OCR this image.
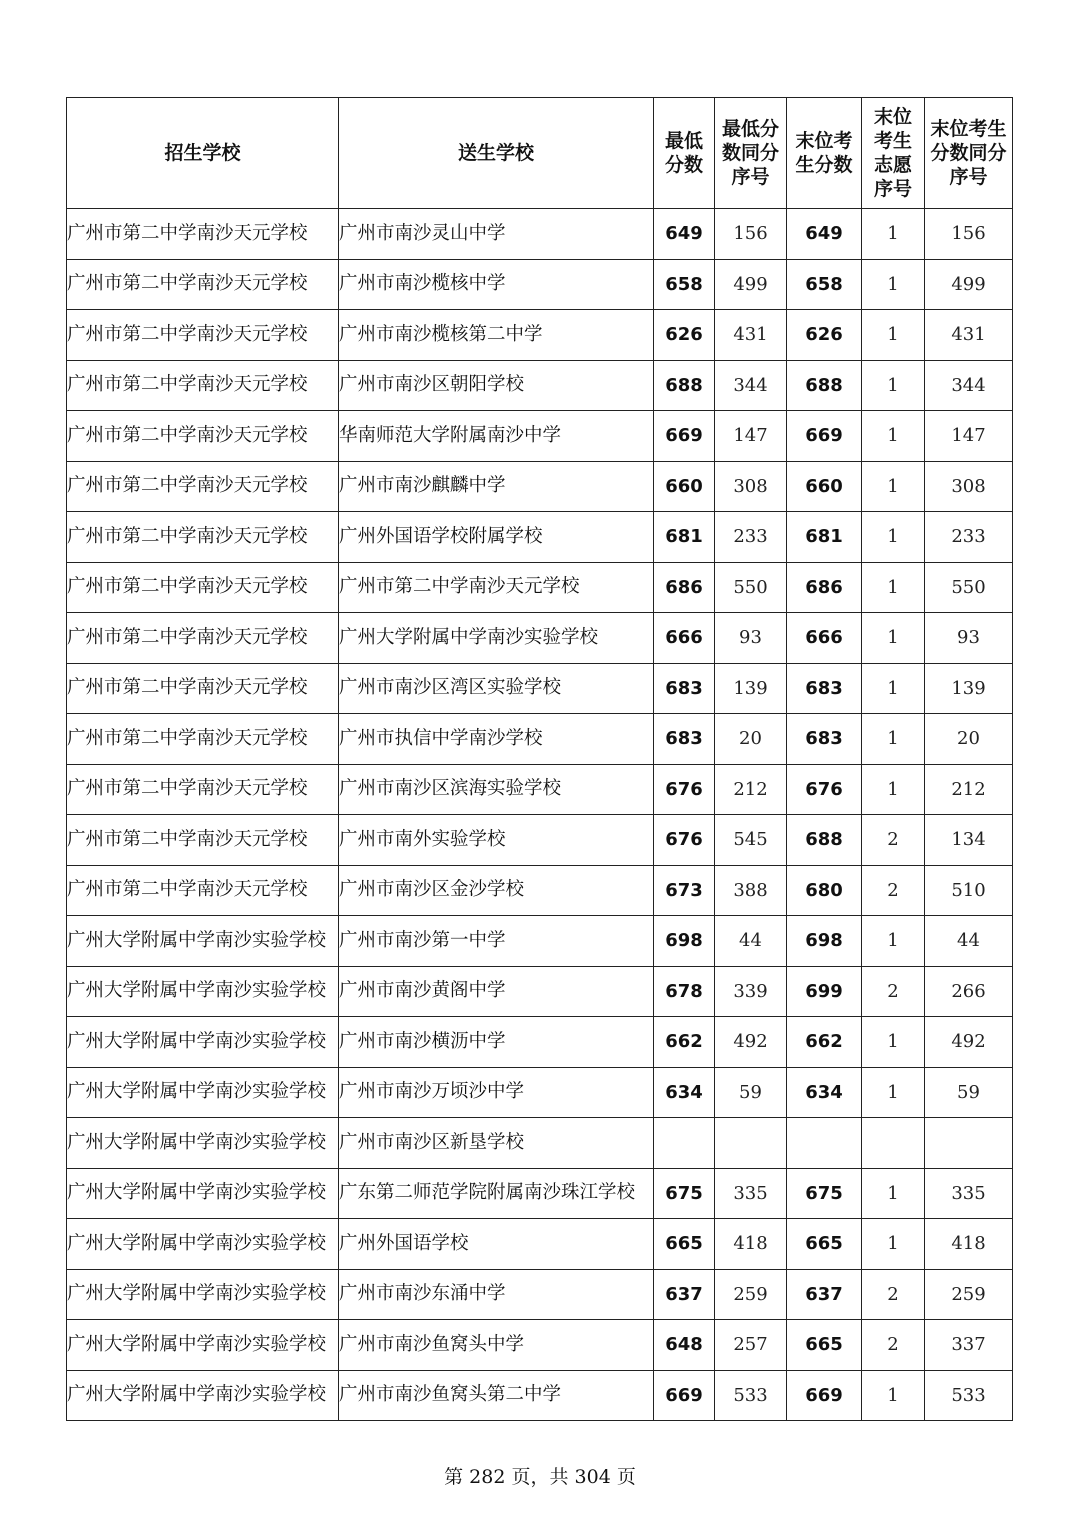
招生学校	送生学校	最低分数	最低分数同分序号	末位考生分数	末位考生志愿序号	末位考生分数同分序号
广州市第二中学南沙天元学校	广州市南沙灵山中学	649	156	649	1	156
广州市第二中学南沙天元学校	广州市南沙榄核中学	658	499	658	1	499
广州市第二中学南沙天元学校	广州市南沙榄核第二中学	626	431	626	1	431
广州市第二中学南沙天元学校	广州市南沙区朝阳学校	688	344	688	1	344
广州市第二中学南沙天元学校	华南师范大学附属南沙中学	669	147	669	1	147
广州市第二中学南沙天元学校	广州市南沙麒麟中学	660	308	660	1	308
广州市第二中学南沙天元学校	广州外国语学校附属学校	681	233	681	1	233
广州市第二中学南沙天元学校	广州市第二中学南沙天元学校	686	550	686	1	550
广州市第二中学南沙天元学校	广州大学附属中学南沙实验学校	666	93	666	1	93
广州市第二中学南沙天元学校	广州市南沙区湾区实验学校	683	139	683	1	139
广州市第二中学南沙天元学校	广州市执信中学南沙学校	683	20	683	1	20
广州市第二中学南沙天元学校	广州市南沙区滨海实验学校	676	212	676	1	212
广州市第二中学南沙天元学校	广州市南外实验学校	676	545	688	2	134
广州市第二中学南沙天元学校	广州市南沙区金沙学校	673	388	680	2	510
广州大学附属中学南沙实验学校	广州市南沙第一中学	698	44	698	1	44
广州大学附属中学南沙实验学校	广州市南沙黄阁中学	678	339	699	2	266
广州大学附属中学南沙实验学校	广州市南沙横沥中学	662	492	662	1	492
广州大学附属中学南沙实验学校	广州市南沙万顷沙中学	634	59	634	1	59
广州大学附属中学南沙实验学校	广州市南沙区新垦学校					
广州大学附属中学南沙实验学校	广东第二师范学院附属南沙珠江学校	675	335	675	1	335
广州大学附属中学南沙实验学校	广州外国语学校	665	418	665	1	418
广州大学附属中学南沙实验学校	广州市南沙东涌中学	637	259	637	2	259
广州大学附属中学南沙实验学校	广州市南沙鱼窝头中学	648	257	665	2	337
广州大学附属中学南沙实验学校	广州市南沙鱼窝头第二中学	669	533	669	1	533
第 282 页，共 304 页
